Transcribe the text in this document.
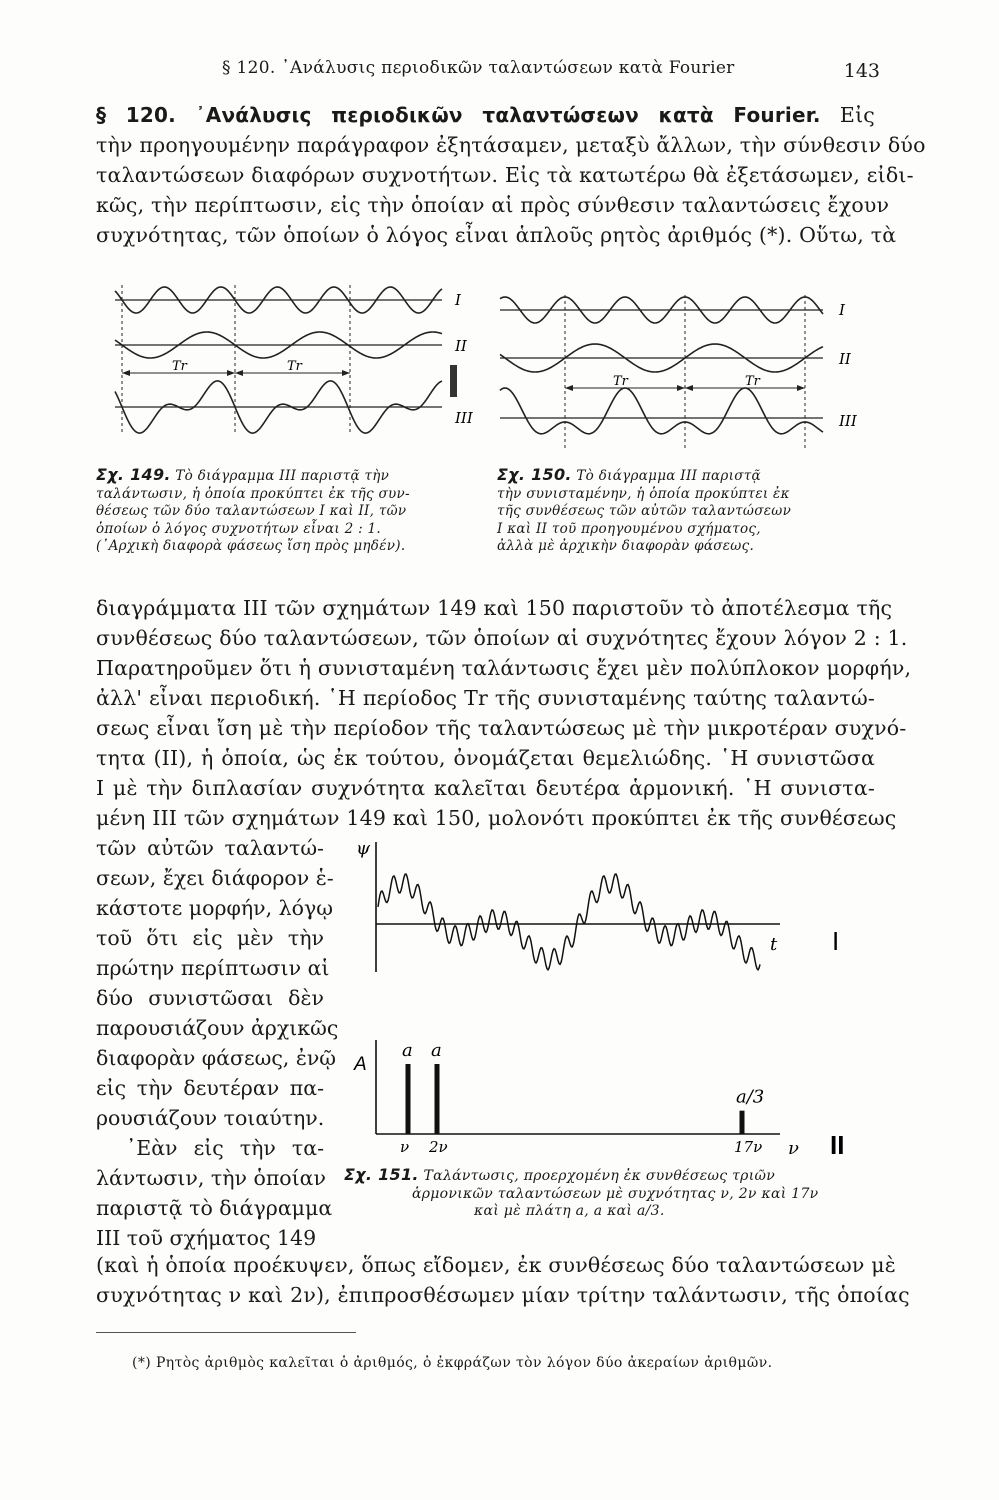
§ 120. ᾿Ανάλυσις περιοδικῶν ταλαντώσεων κατὰ Fourier	143
§ 120. ᾿Ανάλυσις περιοδικῶν ταλαντώσεων κατὰ Fourier. Εἰς
τὴν προηγουμένην παράγραφον ἐξητάσαμεν, μεταξὺ ἄλλων, τὴν σύνθεσιν δύο
ταλαντώσεων διαφόρων συχνοτήτων. Εἰς τὰ κατωτέρω θὰ ἐξετάσωμεν, εἰδι-
κῶς, τὴν περίπτωσιν, εἰς τὴν ὁποίαν αἱ πρὸς σύνθεσιν ταλαντώσεις ἔχουν
συχνότητας, τῶν ὁποίων ὁ λόγος εἶναι ἁπλοῦς ρητὸς ἀριθμός (*). Οὕτω, τὰ
Tr	Tr
I
II
III
Tr	Tr
I
II
III
Σχ. 149. Τὸ διάγραμμα III παριστᾷ τὴν
ταλάντωσιν, ἡ ὁποία προκύπτει ἐκ τῆς συν-
θέσεως τῶν δύο ταλαντώσεων I καὶ II, τῶν
ὁποίων ὁ λόγος συχνοτήτων εἶναι 2 : 1.
(᾿Αρχικὴ διαφορὰ φάσεως ἴση πρὸς μηδέν).
Σχ. 150. Τὸ διάγραμμα III παριστᾷ
τὴν συνισταμένην, ἡ ὁποία προκύπτει ἐκ
τῆς συνθέσεως τῶν αὐτῶν ταλαντώσεων
I καὶ II τοῦ προηγουμένου σχήματος,
ἀλλὰ μὲ ἀρχικὴν διαφορὰν φάσεως.
διαγράμματα III τῶν σχημάτων 149 καὶ 150 παριστοῦν τὸ ἀποτέλεσμα τῆς
συνθέσεως δύο ταλαντώσεων, τῶν ὁποίων αἱ συχνότητες ἔχουν λόγον 2 : 1.
Παρατηροῦμεν ὅτι ἡ συνισταμένη ταλάντωσις ἔχει μὲν πολύπλοκον μορφήν,
ἀλλ' εἶναι περιοδική. ῾Η περίοδος Tr τῆς συνισταμένης ταύτης ταλαντώ-
σεως εἶναι ἴση μὲ τὴν περίοδον τῆς ταλαντώσεως μὲ τὴν μικροτέραν συχνό-
τητα (II), ἡ ὁποία, ὡς ἐκ τούτου, ὀνομάζεται θεμελιώδης. ῾Η συνιστῶσα
I μὲ τὴν διπλασίαν συχνότητα καλεῖται δευτέρα ἁρμονική. ῾Η συνιστα-
μένη III τῶν σχημάτων 149 καὶ 150, μολονότι προκύπτει ἐκ τῆς συνθέσεως
τῶν αὐτῶν ταλαντώ-
σεων, ἔχει διάφορον ἑ-
κάστοτε μορφήν, λόγῳ
τοῦ ὅτι εἰς μὲν τὴν
πρώτην περίπτωσιν αἱ
δύο συνιστῶσαι δὲν
παρουσιάζουν ἀρχικῶς
διαφορὰν φάσεως, ἐνῷ
εἰς τὴν δευτέραν πα-
ρουσιάζουν τοιαύτην.
᾿Εὰν εἰς τὴν τα-
λάντωσιν, τὴν ὁποίαν
παριστᾷ τὸ διάγραμμα
III τοῦ σχήματος 149
ψ
t I
a
ν
a
2ν
a/3
17ν
A
ν II
Σχ. 151. Ταλάντωσις, προερχομένη ἐκ συνθέσεως τριῶν
ἁρμονικῶν ταλαντώσεων μὲ συχνότητας ν, 2ν καὶ 17ν
καὶ μὲ πλάτη a, a καὶ a/3.
(καὶ ἡ ὁποία προέκυψεν, ὅπως εἴδομεν, ἐκ συνθέσεως δύο ταλαντώσεων μὲ
συχνότητας ν καὶ 2ν), ἐπιπροσθέσωμεν μίαν τρίτην ταλάντωσιν, τῆς ὁποίας
(*) Ρητὸς ἀριθμὸς καλεῖται ὁ ἀριθμός, ὁ ἐκφράζων τὸν λόγον δύο ἀκεραίων ἀριθμῶν.
